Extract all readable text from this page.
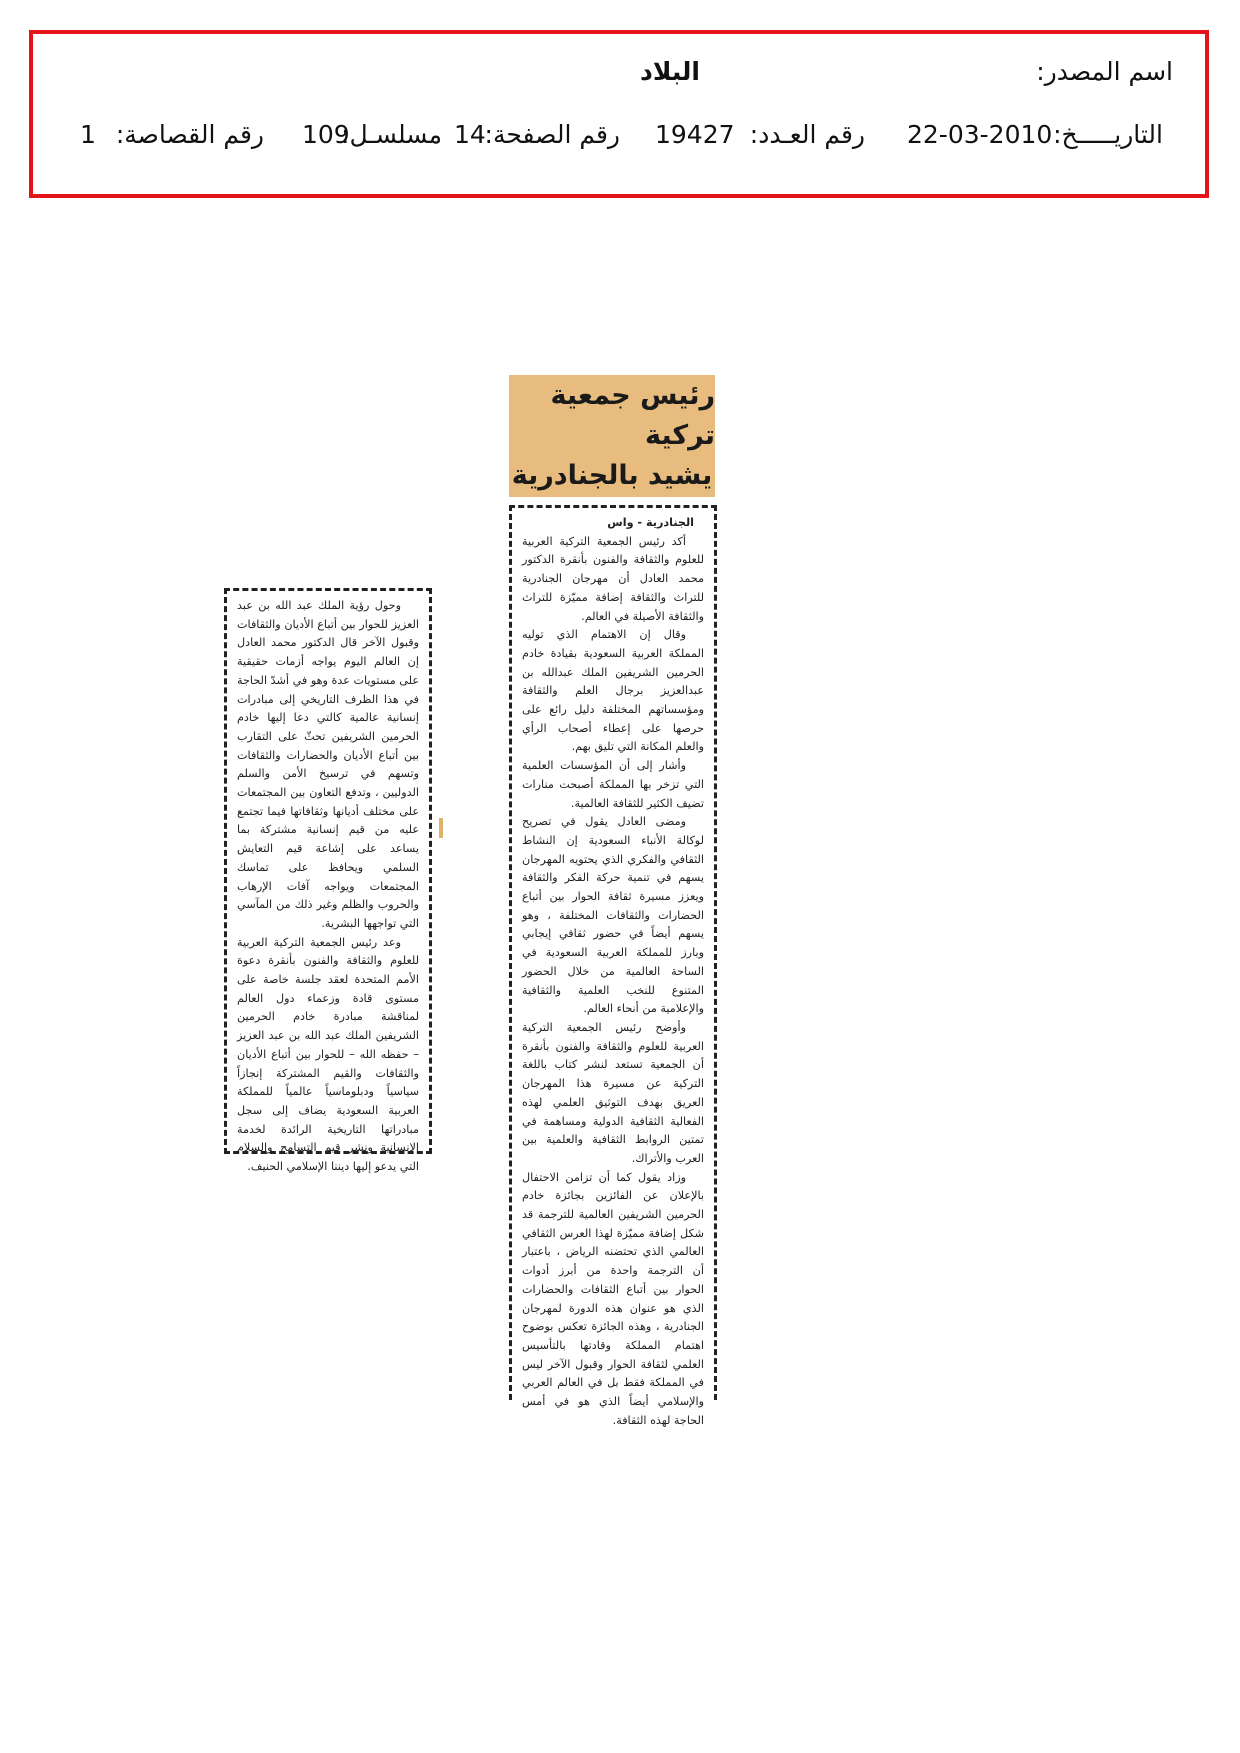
اسم المصدر:
البلاد
التاريـــــخ:
22-03-2010
رقم العـدد:
19427
رقم الصفحة:
14
مسلسـل:
109
رقم القصاصة:
1
رئيس جمعية تركية
يشيد بالجنادرية

الجنادرية - واس

أكد رئيس الجمعية التركية العربية للعلوم والثقافة والفنون بأنقرة الدكتور محمد العادل أن مهرجان الجنادرية للتراث والثقافة إضافة مميّزة للتراث والثقافة الأصيلة في العالم.

وقال إن الاهتمام الذي توليه المملكة العربية السعودية بقيادة خادم الحرمين الشريفين الملك عبدالله بن عبدالعزيز برجال العلم والثقافة ومؤسساتهم المختلفة دليل رائع على حرصها على إعطاء أصحاب الرأي والعلم المكانة التي تليق بهم.

وأشار إلى أن المؤسسات العلمية التي تزخر بها المملكة أصبحت منارات تضيف الكثير للثقافة العالمية.

ومضى العادل يقول في تصريح لوكالة الأنباء السعودية إن النشاط الثقافي والفكري الذي يحتويه المهرجان يسهم في تنمية حركة الفكر والثقافة ويعزز مسيرة ثقافة الحوار بين أتباع الحضارات والثقافات المختلفة ، وهو يسهم أيضاً في حضور ثقافي إيجابي وبارز للمملكة العربية السعودية في الساحة العالمية من خلال الحضور المتنوع للنخب العلمية والثقافية والإعلامية من أنحاء العالم.

وأوضح رئيس الجمعية التركية العربية للعلوم والثقافة والفنون بأنقرة أن الجمعية تستعد لنشر كتاب باللغة التركية عن مسيرة هذا المهرجان العريق بهدف التوثيق العلمي لهذه الفعالية الثقافية الدولية ومساهمة في تمتين الروابط الثقافية والعلمية بين العرب والأتراك.

وزاد يقول كما أن تزامن الاحتفال بالإعلان عن الفائزين بجائزة خادم الحرمين الشريفين العالمية للترجمة قد شكل إضافة مميّزة لهذا العرس الثقافي العالمي الذي تحتضنه الرياض ، باعتبار أن الترجمة واحدة من أبرز أدوات الحوار بين أتباع الثقافات والحضارات الذي هو عنوان هذه الدورة لمهرجان الجنادرية ، وهذه الجائزة تعكس بوضوح اهتمام المملكة وقادتها بالتأسيس العلمي لثقافة الحوار وقبول الآخر ليس في المملكة فقط بل في العالم العربي والإسلامي أيضاً الذي هو في أمس الحاجة لهذه الثقافة.

وحول رؤية الملك عبد الله بن عبد العزيز للحوار بين أتباع الأديان والثقافات وقبول الآخر قال الدكتور محمد العادل إن العالم اليوم يواجه أزمات حقيقية على مستويات عدة وهو في أشدّ الحاجة في هذا الظرف التاريخي إلى مبادرات إنسانية عالمية كالتي دعا إليها خادم الحرمين الشريفين تحثّ على التقارب بين أتباع الأديان والحضارات والثقافات وتسهم في ترسيخ الأمن والسلم الدوليين ، وتدفع التعاون بين المجتمعات على مختلف أديانها وثقافاتها فيما تجتمع عليه من قيم إنسانية مشتركة بما يساعد على إشاعة قيم التعايش السلمي ويحافظ على تماسك المجتمعات ويواجه آفات الإرهاب والحروب والظلم وغير ذلك من المآسي التي تواجهها البشرية.

وعد رئيس الجمعية التركية العربية للعلوم والثقافة والفنون بأنقرة دعوة الأمم المتحدة لعقد جلسة خاصة على مستوى قادة وزعماء دول العالم لمناقشة مبادرة خادم الحرمين الشريفين الملك عبد الله بن عبد العزيز – حفظه الله – للحوار بين أتباع الأديان والثقافات والقيم المشتركة إنجازاً سياسياً ودبلوماسياً عالمياً للمملكة العربية السعودية يضاف إلى سجل مبادراتها التاريخية الرائدة لخدمة الإنسانية ونشر قيم التسامح والسلام التي يدعو إليها ديننا الإسلامي الحنيف.
